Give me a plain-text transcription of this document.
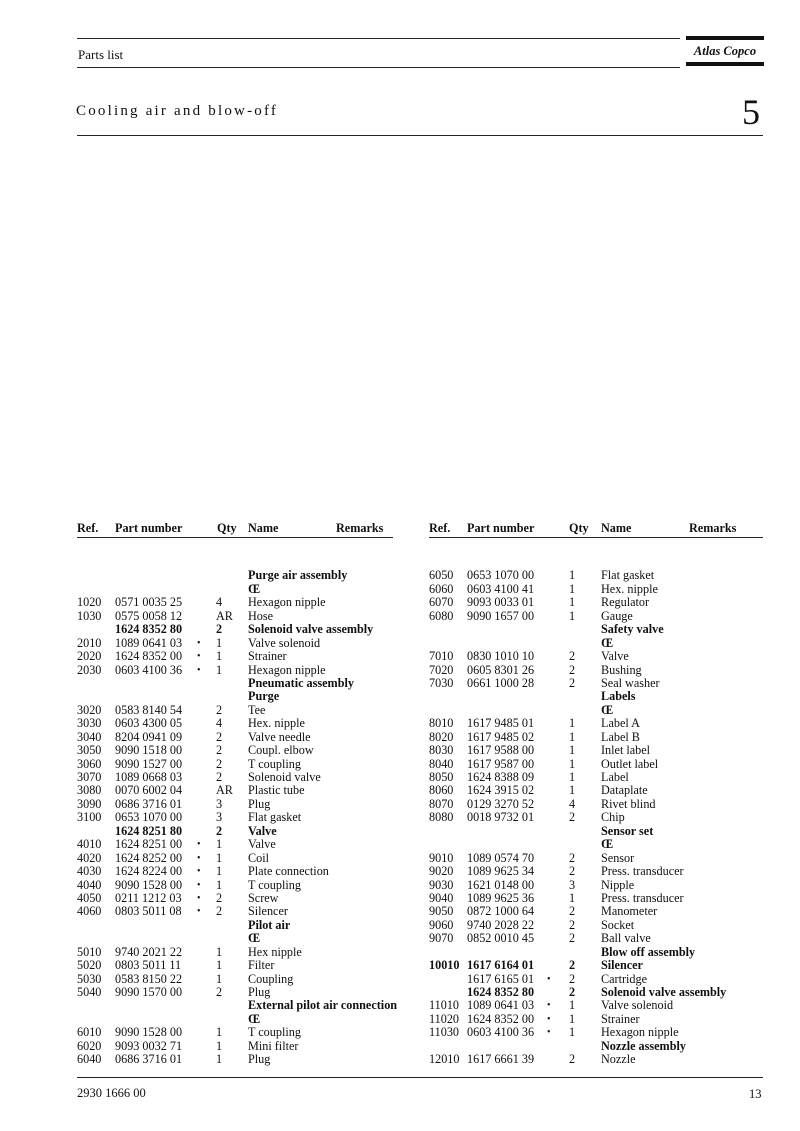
Parts list	Atlas Copco
Cooling air and blow-off	5
Ref. Part number	Qty Name	Remarks
Purge air assembly
Œ
1020 0571 0035 25	4 Hexagon nipple
1030 0575 0058 12	AR Hose
1624 8352 80	2 Solenoid valve assembly
2010 1089 0641 03 • 1 Valve solenoid
2020 1624 8352 00 • 1 Strainer
2030 0603 4100 36 • 1 Hexagon nipple
Pneumatic assembly
Purge
3020 0583 8140 54	2 Tee
3030 0603 4300 05	4 Hex. nipple
3040 8204 0941 09	2 Valve needle
3050 9090 1518 00	2 Coupl. elbow
3060 9090 1527 00	2 T coupling
3070 1089 0668 03	2 Solenoid valve
3080 0070 6002 04	AR Plastic tube
3090 0686 3716 01	3 Plug
3100 0653 1070 00	3 Flat gasket
1624 8251 80	2 Valve
4010 1624 8251 00 • 1 Valve
4020 1624 8252 00 • 1 Coil
4030 1624 8224 00 • 1 Plate connection
4040 9090 1528 00 • 1 T coupling
4050 0211 1212 03 • 2 Screw
4060 0803 5011 08 • 2 Silencer
Pilot air
Œ
5010 9740 2021 22	1 Hex nipple
5020 0803 5011 11	1 Filter
5030 0583 8150 22	1 Coupling
5040 9090 1570 00	2 Plug
External pilot air connection
Œ
6010 9090 1528 00	1 T coupling
6020 9093 0032 71	1 Mini filter
6040 0686 3716 01	1 Plug
Ref. Part number	Qty Name	Remarks
6050 0653 1070 00	1 Flat gasket
6060 0603 4100 41	1 Hex. nipple
6070 9093 0033 01	1 Regulator
6080 9090 1657 00	1 Gauge
Safety valve
Œ
7010 0830 1010 10	2 Valve
7020 0605 8301 26	2 Bushing
7030 0661 1000 28	2 Seal washer
Labels
Œ
8010 1617 9485 01	1 Label A
8020 1617 9485 02	1 Label B
8030 1617 9588 00	1 Inlet label
8040 1617 9587 00	1 Outlet label
8050 1624 8388 09	1 Label
8060 1624 3915 02	1 Dataplate
8070 0129 3270 52	4 Rivet blind
8080 0018 9732 01	2 Chip
Sensor set
Œ
9010 1089 0574 70	2 Sensor
9020 1089 9625 34	2 Press. transducer
9030 1621 0148 00	3 Nipple
9040 1089 9625 36	1 Press. transducer
9050 0872 1000 64	2 Manometer
9060 9740 2028 22	2 Socket
9070 0852 0010 45	2 Ball valve
Blow off assembly
10010 1617 6164 01	2 Silencer
1617 6165 01 • 2 Cartridge
1624 8352 80	2 Solenoid valve assembly
11010 1089 0641 03 • 1 Valve solenoid
11020 1624 8352 00 • 1 Strainer
11030 0603 4100 36 • 1 Hexagon nipple
Nozzle assembly
12010 1617 6661 39	2 Nozzle
2930 1666 00	13
